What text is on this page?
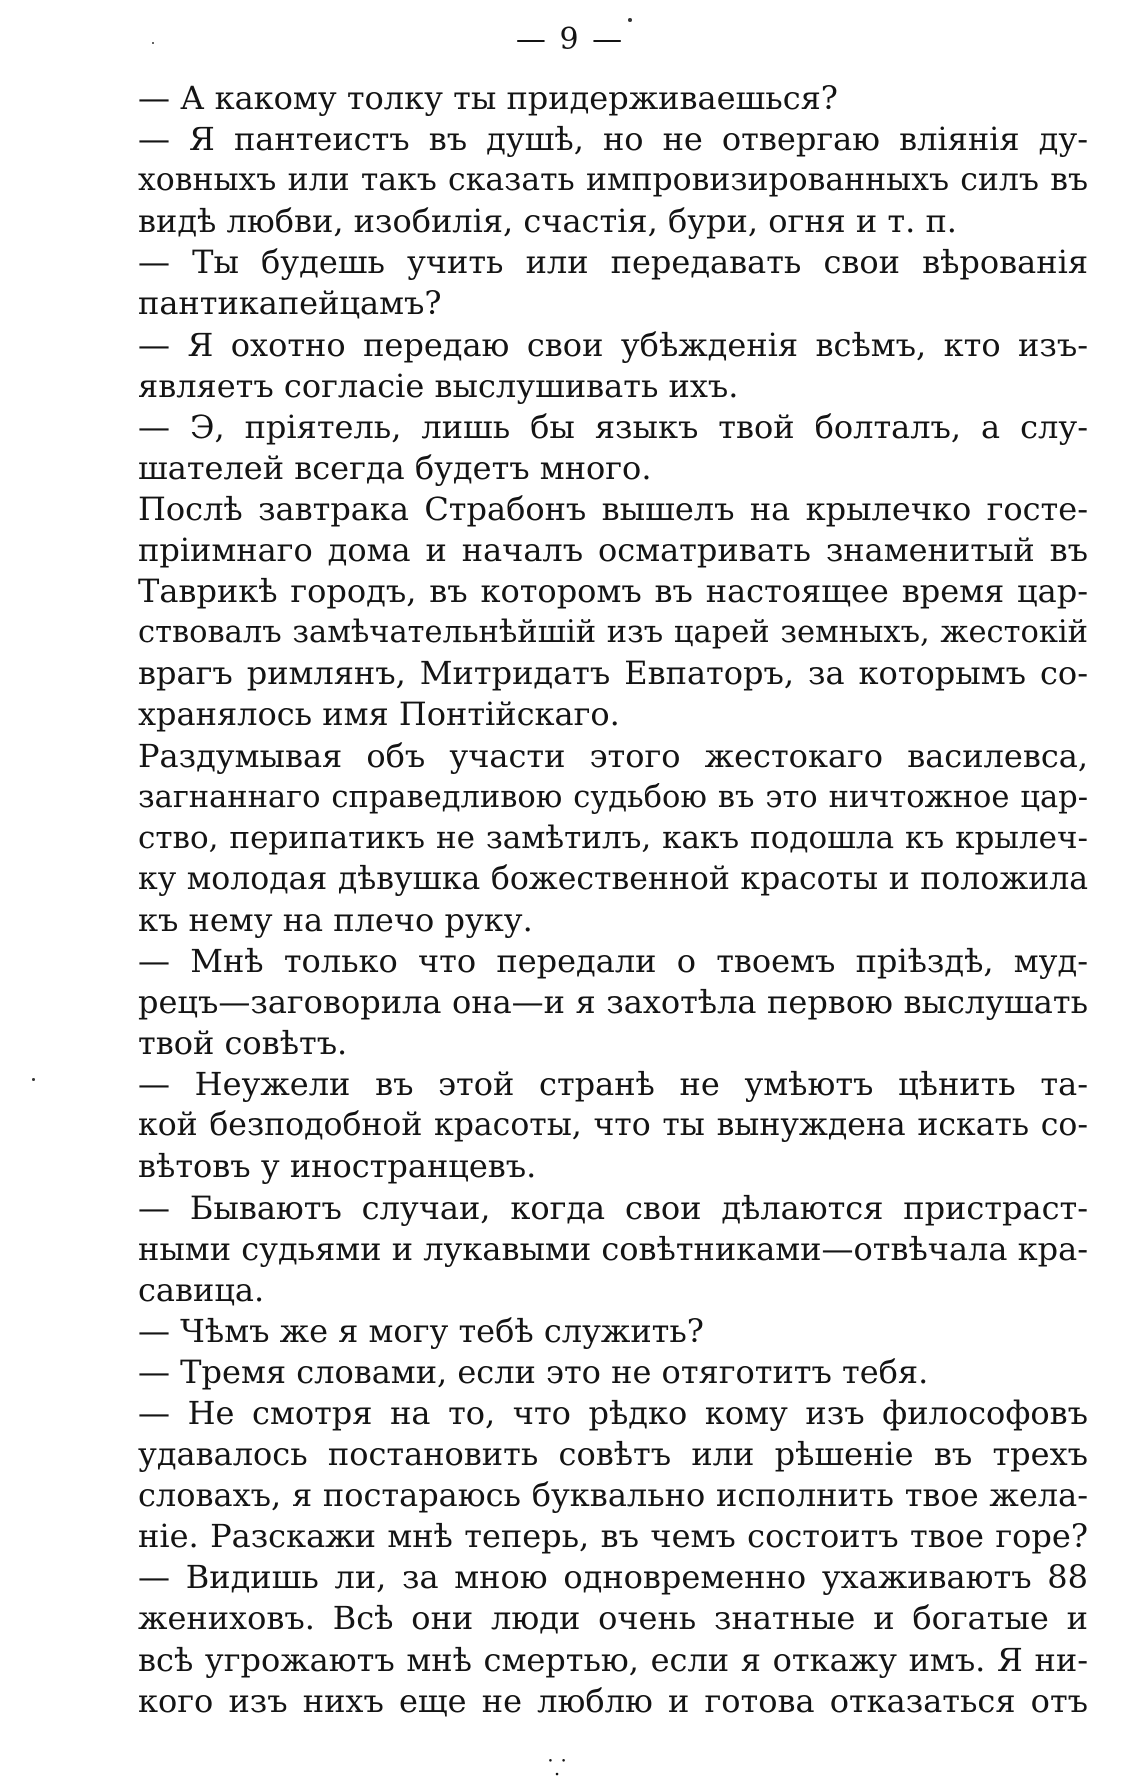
— 9 —
— А какому толку ты придерживаешься?
— Я пантеистъ въ душѣ, но не отвергаю вліянія ду-
ховныхъ или такъ сказать импровизированныхъ силъ въ
видѣ любви, изобилія, счастія, бури, огня и т. п.
— Ты будешь учить или передавать свои вѣрованія
пантикапейцамъ?
— Я охотно передаю свои убѣжденія всѣмъ, кто изъ-
являетъ согласіе выслушивать ихъ.
— Э, пріятель, лишь бы языкъ твой болталъ, а слу-
шателей всегда будетъ много.
Послѣ завтрака Страбонъ вышелъ на крылечко госте-
пріимнаго дома и началъ осматривать знаменитый въ
Таврикѣ городъ, въ которомъ въ настоящее время цар-
ствовалъ замѣчательнѣйшій изъ царей земныхъ, жестокій
врагъ римлянъ, Митридатъ Евпаторъ, за которымъ со-
хранялось имя Понтійскаго.
Раздумывая объ участи этого жестокаго василевса,
загнаннаго справедливою судьбою въ это ничтожное цар-
ство, перипатикъ не замѣтилъ, какъ подошла къ крылеч-
ку молодая дѣвушка божественной красоты и положила
къ нему на плечо руку.
— Мнѣ только что передали о твоемъ пріѣздѣ, муд-
рецъ—заговорила она—и я захотѣла первою выслушать
твой совѣтъ.
— Неужели въ этой странѣ не умѣютъ цѣнить та-
кой безподобной красоты, что ты вынуждена искать со-
вѣтовъ у иностранцевъ.
— Бываютъ случаи, когда свои дѣлаются пристраст-
ными судьями и лукавыми совѣтниками—отвѣчала кра-
савица.
— Чѣмъ же я могу тебѣ служить?
— Тремя словами, если это не отяготитъ тебя.
— Не смотря на то, что рѣдко кому изъ философовъ
удавалось постановить совѣтъ или рѣшеніе въ трехъ
словахъ, я постараюсь буквально исполнить твое жела-
ніе. Разскажи мнѣ теперь, въ чемъ состоитъ твое горе?
— Видишь ли, за мною одновременно ухаживаютъ 88
жениховъ. Всѣ они люди очень знатные и богатые и
всѣ угрожаютъ мнѣ смертью, если я откажу имъ. Я ни-
кого изъ нихъ еще не люблю и готова отказаться отъ
⸪
